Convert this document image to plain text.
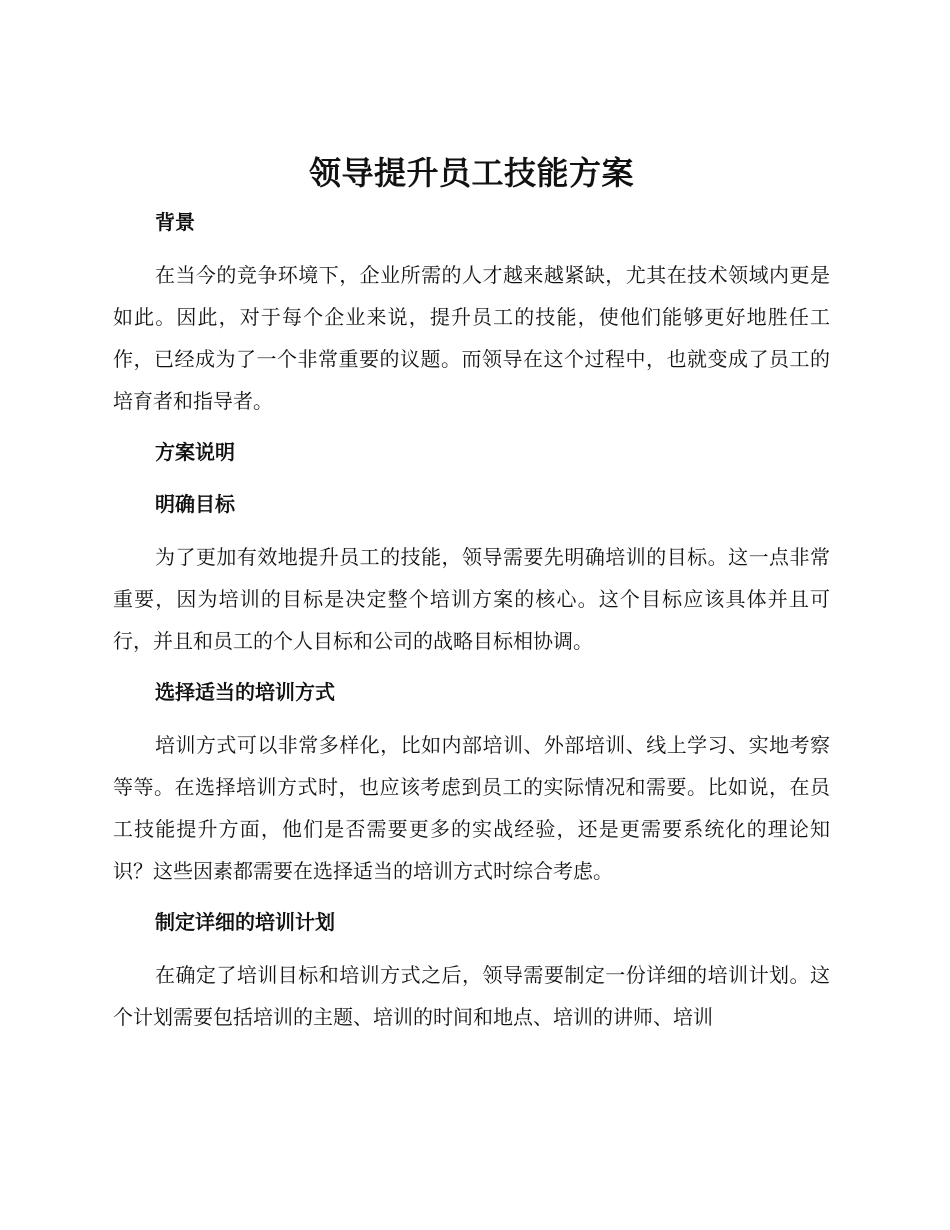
领导提升员工技能方案
背景

在当今的竞争环境下，企业所需的人才越来越紧缺，尤其在技术领域内更是如此。因此，对于每个企业来说，提升员工的技能，使他们能够更好地胜任工作，已经成为了一个非常重要的议题。而领导在这个过程中，也就变成了员工的培育者和指导者。

方案说明
明确目标

为了更加有效地提升员工的技能，领导需要先明确培训的目标。这一点非常重要，因为培训的目标是决定整个培训方案的核心。这个目标应该具体并且可行，并且和员工的个人目标和公司的战略目标相协调。

选择适当的培训方式

培训方式可以非常多样化，比如内部培训、外部培训、线上学习、实地考察等等。在选择培训方式时，也应该考虑到员工的实际情况和需要。比如说，在员工技能提升方面，他们是否需要更多的实战经验，还是更需要系统化的理论知识？这些因素都需要在选择适当的培训方式时综合考虑。

制定详细的培训计划

在确定了培训目标和培训方式之后，领导需要制定一份详细的培训计划。这个计划需要包括培训的主题、培训的时间和地点、培训的讲师、培训
